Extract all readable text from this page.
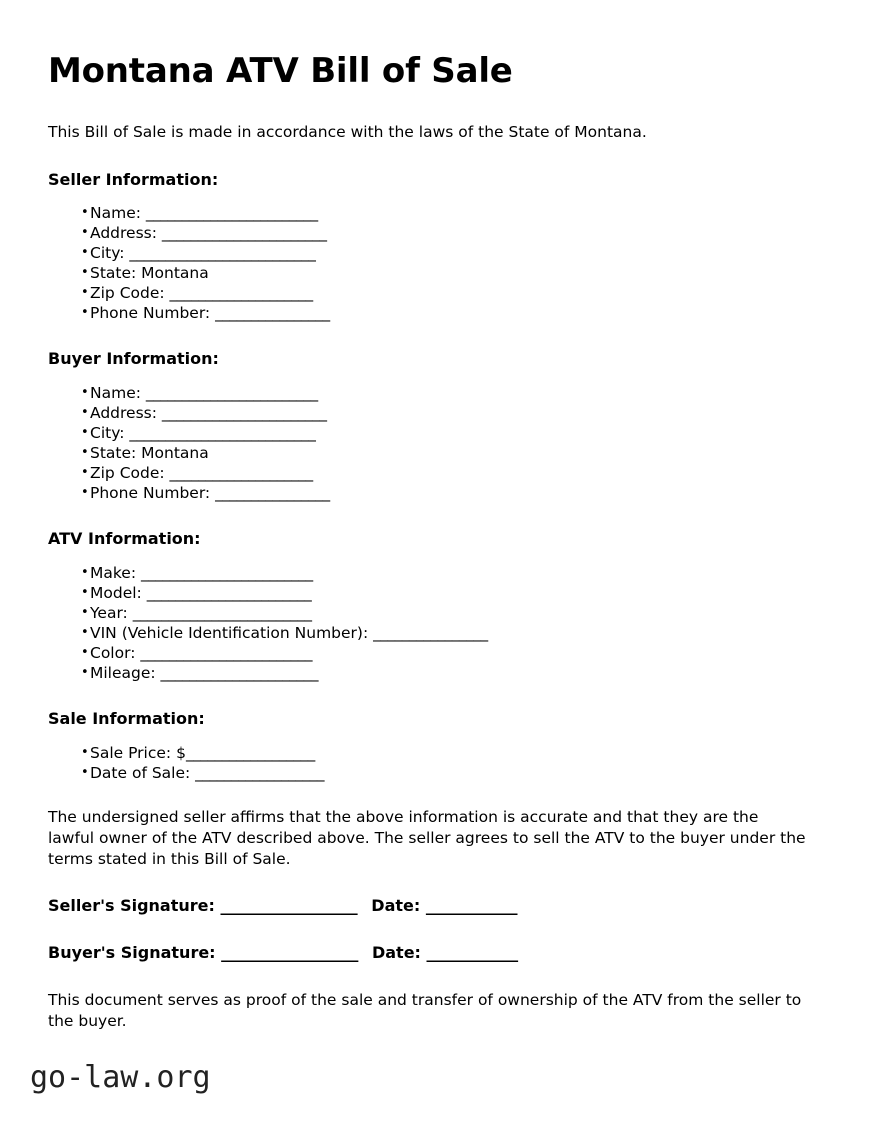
Montana ATV Bill of Sale

This Bill of Sale is made in accordance with the laws of the State of Montana.

Seller Information:
• Name: ________________________
• Address: _______________________
• City: __________________________
• State: Montana
• Zip Code: ____________________
• Phone Number: ________________
Buyer Information:
• Name: ________________________
• Address: _______________________
• City: __________________________
• State: Montana
• Zip Code: ____________________
• Phone Number: ________________
ATV Information:
• Make: ________________________
• Model: _______________________
• Year: _________________________
• VIN (Vehicle Identification Number): ________________
• Color: ________________________
• Mileage: ______________________
Sale Information:
• Sale Price: $__________________
• Date of Sale: __________________

The undersigned seller affirms that the above information is accurate and that they are the lawful owner of the ATV described above. The seller agrees to sell the ATV to the buyer under the terms stated in this Bill of Sale.

Seller's Signature: __________________ Date: ____________
Buyer's Signature: __________________ Date: ____________

This document serves as proof of the sale and transfer of ownership of the ATV from the seller to the buyer.

go-law.org
